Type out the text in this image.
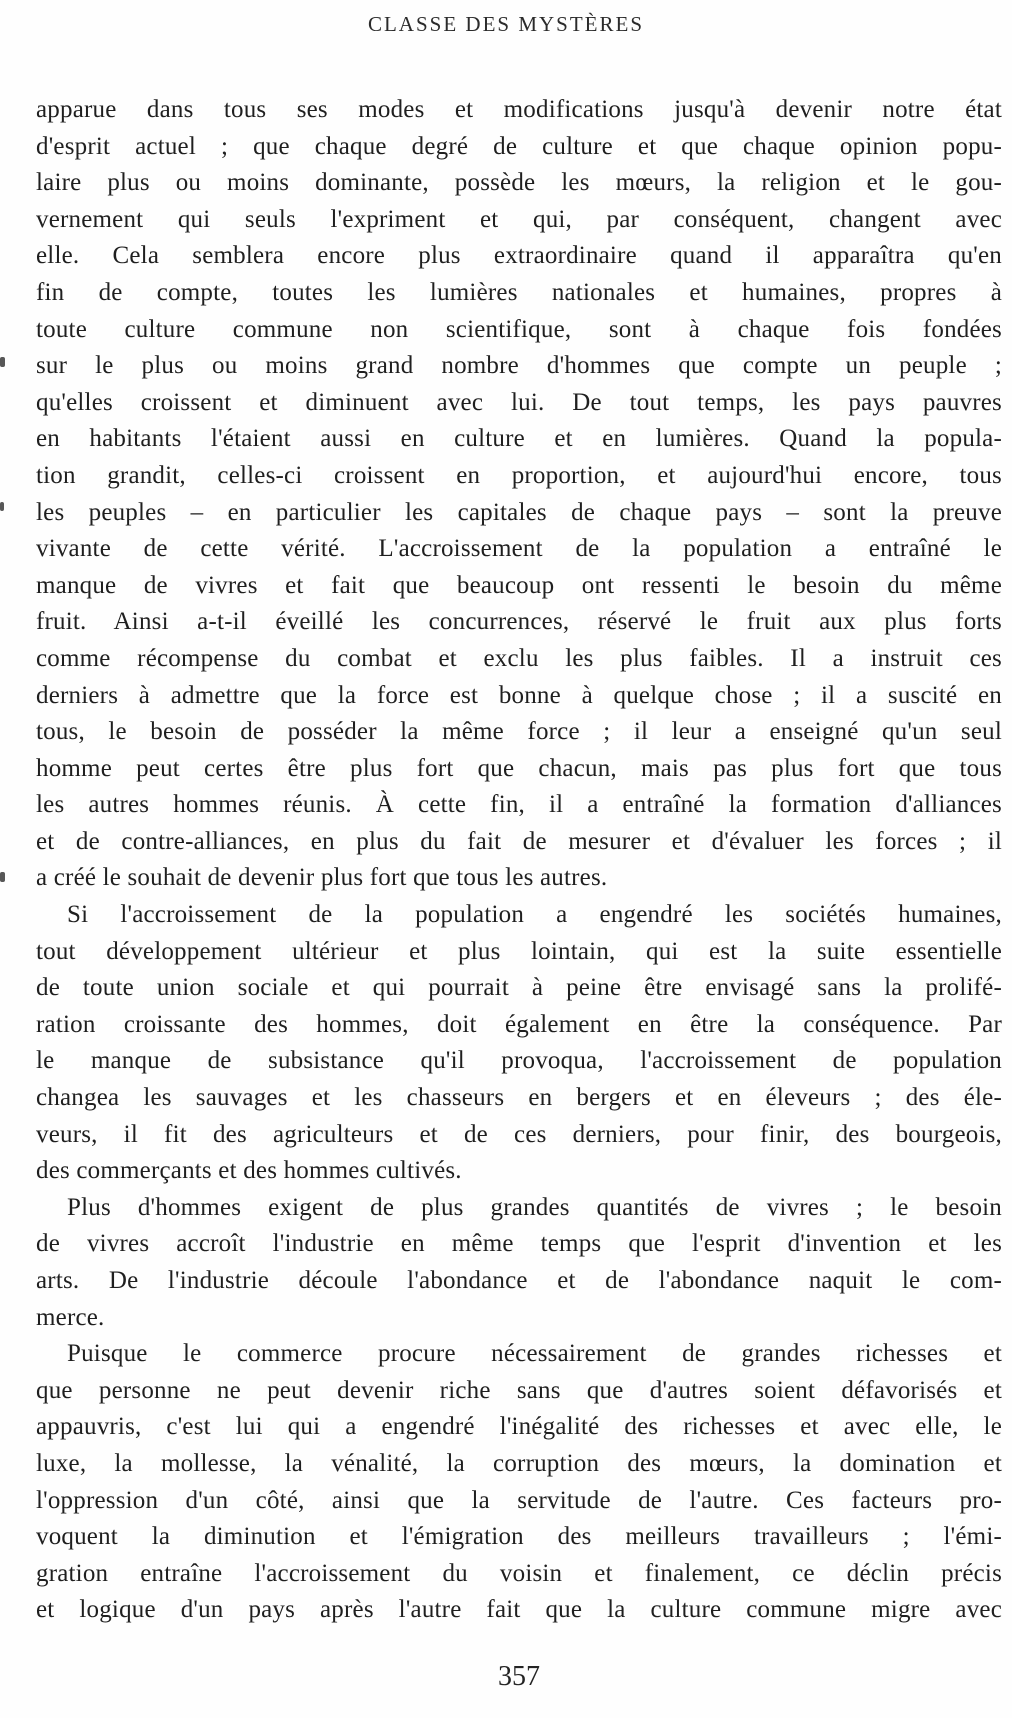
CLASSE DES MYSTÈRES
apparue dans tous ses modes et modifications jusqu'à devenir notre état
d'esprit actuel ; que chaque degré de culture et que chaque opinion popu-
laire plus ou moins dominante, possède les mœurs, la religion et le gou-
vernement qui seuls l'expriment et qui, par conséquent, changent avec
elle. Cela semblera encore plus extraordinaire quand il apparaîtra qu'en
fin de compte, toutes les lumières nationales et humaines, propres à
toute culture commune non scientifique, sont à chaque fois fondées
sur le plus ou moins grand nombre d'hommes que compte un peuple ;
qu'elles croissent et diminuent avec lui. De tout temps, les pays pauvres
en habitants l'étaient aussi en culture et en lumières. Quand la popula-
tion grandit, celles-ci croissent en proportion, et aujourd'hui encore, tous
les peuples – en particulier les capitales de chaque pays – sont la preuve
vivante de cette vérité. L'accroissement de la population a entraîné le
manque de vivres et fait que beaucoup ont ressenti le besoin du même
fruit. Ainsi a-t-il éveillé les concurrences, réservé le fruit aux plus forts
comme récompense du combat et exclu les plus faibles. Il a instruit ces
derniers à admettre que la force est bonne à quelque chose ; il a suscité en
tous, le besoin de posséder la même force ; il leur a enseigné qu'un seul
homme peut certes être plus fort que chacun, mais pas plus fort que tous
les autres hommes réunis. À cette fin, il a entraîné la formation d'alliances
et de contre-alliances, en plus du fait de mesurer et d'évaluer les forces ; il
a créé le souhait de devenir plus fort que tous les autres.
Si l'accroissement de la population a engendré les sociétés humaines,
tout développement ultérieur et plus lointain, qui est la suite essentielle
de toute union sociale et qui pourrait à peine être envisagé sans la prolifé-
ration croissante des hommes, doit également en être la conséquence. Par
le manque de subsistance qu'il provoqua, l'accroissement de population
changea les sauvages et les chasseurs en bergers et en éleveurs ; des éle-
veurs, il fit des agriculteurs et de ces derniers, pour finir, des bourgeois,
des commerçants et des hommes cultivés.
Plus d'hommes exigent de plus grandes quantités de vivres ; le besoin
de vivres accroît l'industrie en même temps que l'esprit d'invention et les
arts. De l'industrie découle l'abondance et de l'abondance naquit le com-
merce.
Puisque le commerce procure nécessairement de grandes richesses et
que personne ne peut devenir riche sans que d'autres soient défavorisés et
appauvris, c'est lui qui a engendré l'inégalité des richesses et avec elle, le
luxe, la mollesse, la vénalité, la corruption des mœurs, la domination et
l'oppression d'un côté, ainsi que la servitude de l'autre. Ces facteurs pro-
voquent la diminution et l'émigration des meilleurs travailleurs ; l'émi-
gration entraîne l'accroissement du voisin et finalement, ce déclin précis
et logique d'un pays après l'autre fait que la culture commune migre avec
357
